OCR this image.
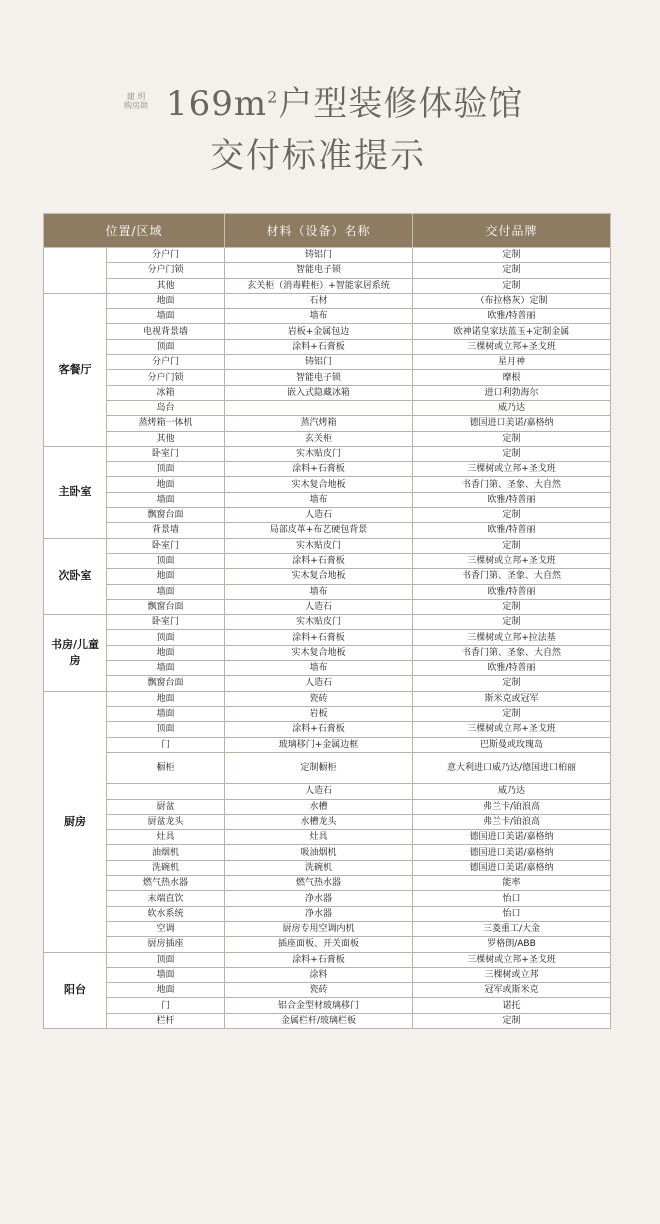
建 玥
购房助 $169m^2$户型装修体验馆
交付标准提示
位置/区域		材料（设备）名称	交付品牌
	分户门	铸铝门	定制
	分户门锁	智能电子锁	定制
	其他	玄关柜（消毒鞋柜）+智能家居系统	定制
客餐厅	地面	石材	（布拉格灰）定制
	墙面	墙布	欧雅/特普丽
	电视背景墙	岩板+金属包边	欧神诺皇家珐蓝玉+定制金属
	顶面	涂料+石膏板	三棵树或立邦+圣戈班
	分户门	铸铝门	星月神
	分户门锁	智能电子锁	摩根
	冰箱	嵌入式隐藏冰箱	进口利勃海尔
	岛台		威乃达
	蒸烤箱一体机	蒸汽烤箱	德国进口美诺/嘉格纳
	其他	玄关柜	定制
主卧室	卧室门	实木贴皮门	定制
	顶面	涂料+石膏板	三棵树或立邦+圣戈班
	地面	实木复合地板	书香门第、圣象、大自然
	墙面	墙布	欧雅/特普丽
	飘窗台面	人造石	定制
	背景墙	局部皮革+布艺硬包背景	欧雅/特普丽
次卧室	卧室门	实木贴皮门	定制
	顶面	涂料+石膏板	三棵树或立邦+圣戈班
	地面	实木复合地板	书香门第、圣象、大自然
	墙面	墙布	欧雅/特普丽
	飘窗台面	人造石	定制
书房/儿童房	卧室门	实木贴皮门	定制
	顶面	涂料+石膏板	三棵树或立邦+拉法基
	地面	实木复合地板	书香门第、圣象、大自然
	墙面	墙布	欧雅/特普丽
	飘窗台面	人造石	定制
厨房	地面	瓷砖	斯米克或冠军
	墙面	岩板	定制
	顶面	涂料+石膏板	三棵树或立邦+圣戈班
	门	玻璃移门+金属边框	巴斯曼或玫瑰岛
	橱柜	定制橱柜	意大利进口威乃达/德国进口柏丽
		人造石	威乃达
	厨盆	水槽	弗兰卡/铂浪高
	厨盆龙头	水槽龙头	弗兰卡/铂浪高
	灶具	灶具	德国进口美诺/嘉格纳
	油烟机	吸油烟机	德国进口美诺/嘉格纳
	洗碗机	洗碗机	德国进口美诺/嘉格纳
	燃气热水器	燃气热水器	能率
	末端直饮	净水器	怡口
	软水系统	净水器	怡口
	空调	厨房专用空调内机	三菱重工/大金
	厨房插座	插座面板、开关面板	罗格朗/ABB
阳台	顶面	涂料+石膏板	三棵树或立邦+圣戈班
	墙面	涂料	三棵树或立邦
	地面	瓷砖	冠军或斯米克
	门	铝合金型材玻璃移门	诺托
	栏杆	金属栏杆/玻璃栏板	定制
